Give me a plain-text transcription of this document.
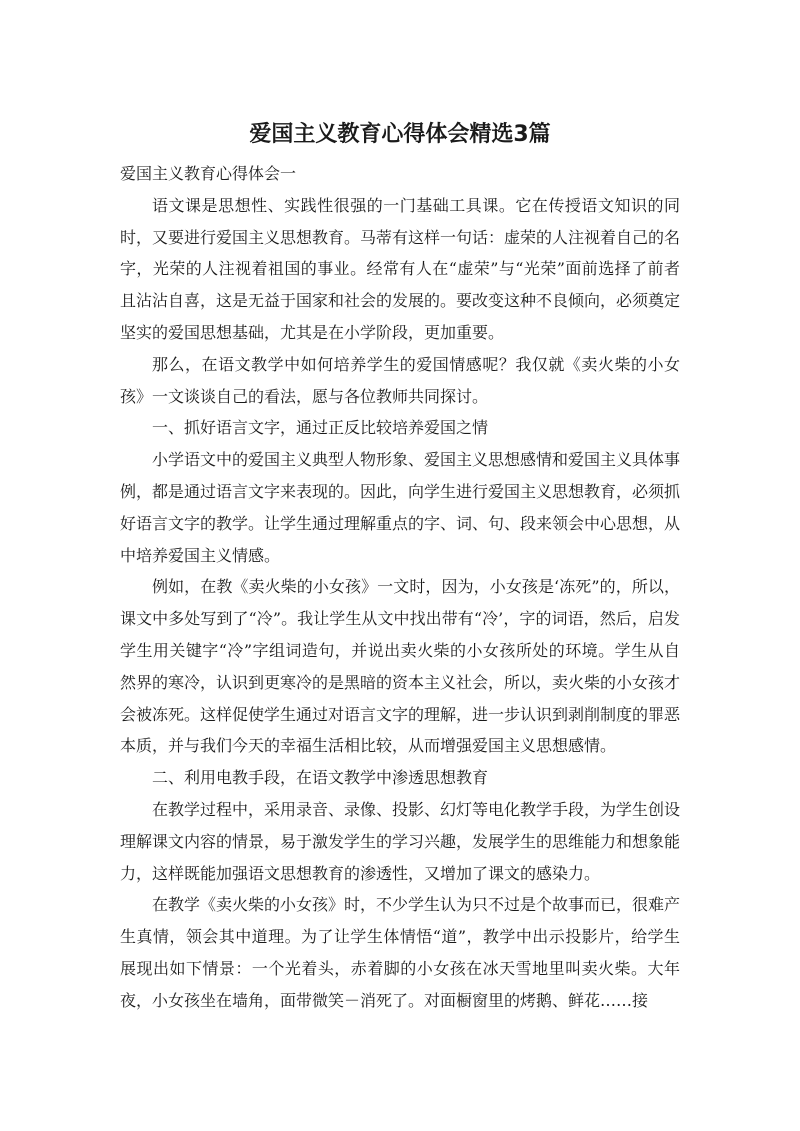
爱国主义教育心得体会精选3篇

爱国主义教育心得体会一

语文课是思想性、实践性很强的一门基础工具课。它在传授语文知识的同时，又要进行爱国主义思想教育。马蒂有这样一句话：虚荣的人注视着自己的名字，光荣的人注视着祖国的事业。经常有人在“虚荣”与“光荣”面前选择了前者且沾沾自喜，这是无益于国家和社会的发展的。要改变这种不良倾向，必须奠定坚实的爱国思想基础，尤其是在小学阶段，更加重要。

那么，在语文教学中如何培养学生的爱国情感呢？我仅就《卖火柴的小女孩》一文谈谈自己的看法，愿与各位教师共同探讨。

一、抓好语言文字，通过正反比较培养爱国之情

小学语文中的爱国主义典型人物形象、爱国主义思想感情和爱国主义具体事例，都是通过语言文字来表现的。因此，向学生进行爱国主义思想教育，必须抓好语言文字的教学。让学生通过理解重点的字、词、句、段来领会中心思想，从中培养爱国主义情感。

例如，在教《卖火柴的小女孩》一文时，因为，小女孩是‘冻死”的，所以，课文中多处写到了“冷”。我让学生从文中找出带有“冷’，字的词语，然后，启发学生用关键字“冷”字组词造句，并说出卖火柴的小女孩所处的环境。学生从自然界的寒冷，认识到更寒冷的是黑暗的资本主义社会，所以，卖火柴的小女孩才会被冻死。这样促使学生通过对语言文字的理解，进一步认识到剥削制度的罪恶本质，并与我们今天的幸福生活相比较，从而增强爱国主义思想感情。

二、利用电教手段，在语文教学中渗透思想教育

在教学过程中，采用录音、录像、投影、幻灯等电化教学手段，为学生创设理解课文内容的情景，易于激发学生的学习兴趣，发展学生的思维能力和想象能力，这样既能加强语文思想教育的渗透性，又增加了课文的感染力。

在教学《卖火柴的小女孩》时，不少学生认为只不过是个故事而已，很难产生真情，领会其中道理。为了让学生体情悟“道”，教学中出示投影片，给学生展现出如下情景：一个光着头，赤着脚的小女孩在冰天雪地里叫卖火柴。大年夜，小女孩坐在墙角，面带微笑－消死了。对面橱窗里的烤鹅、鲜花……接
